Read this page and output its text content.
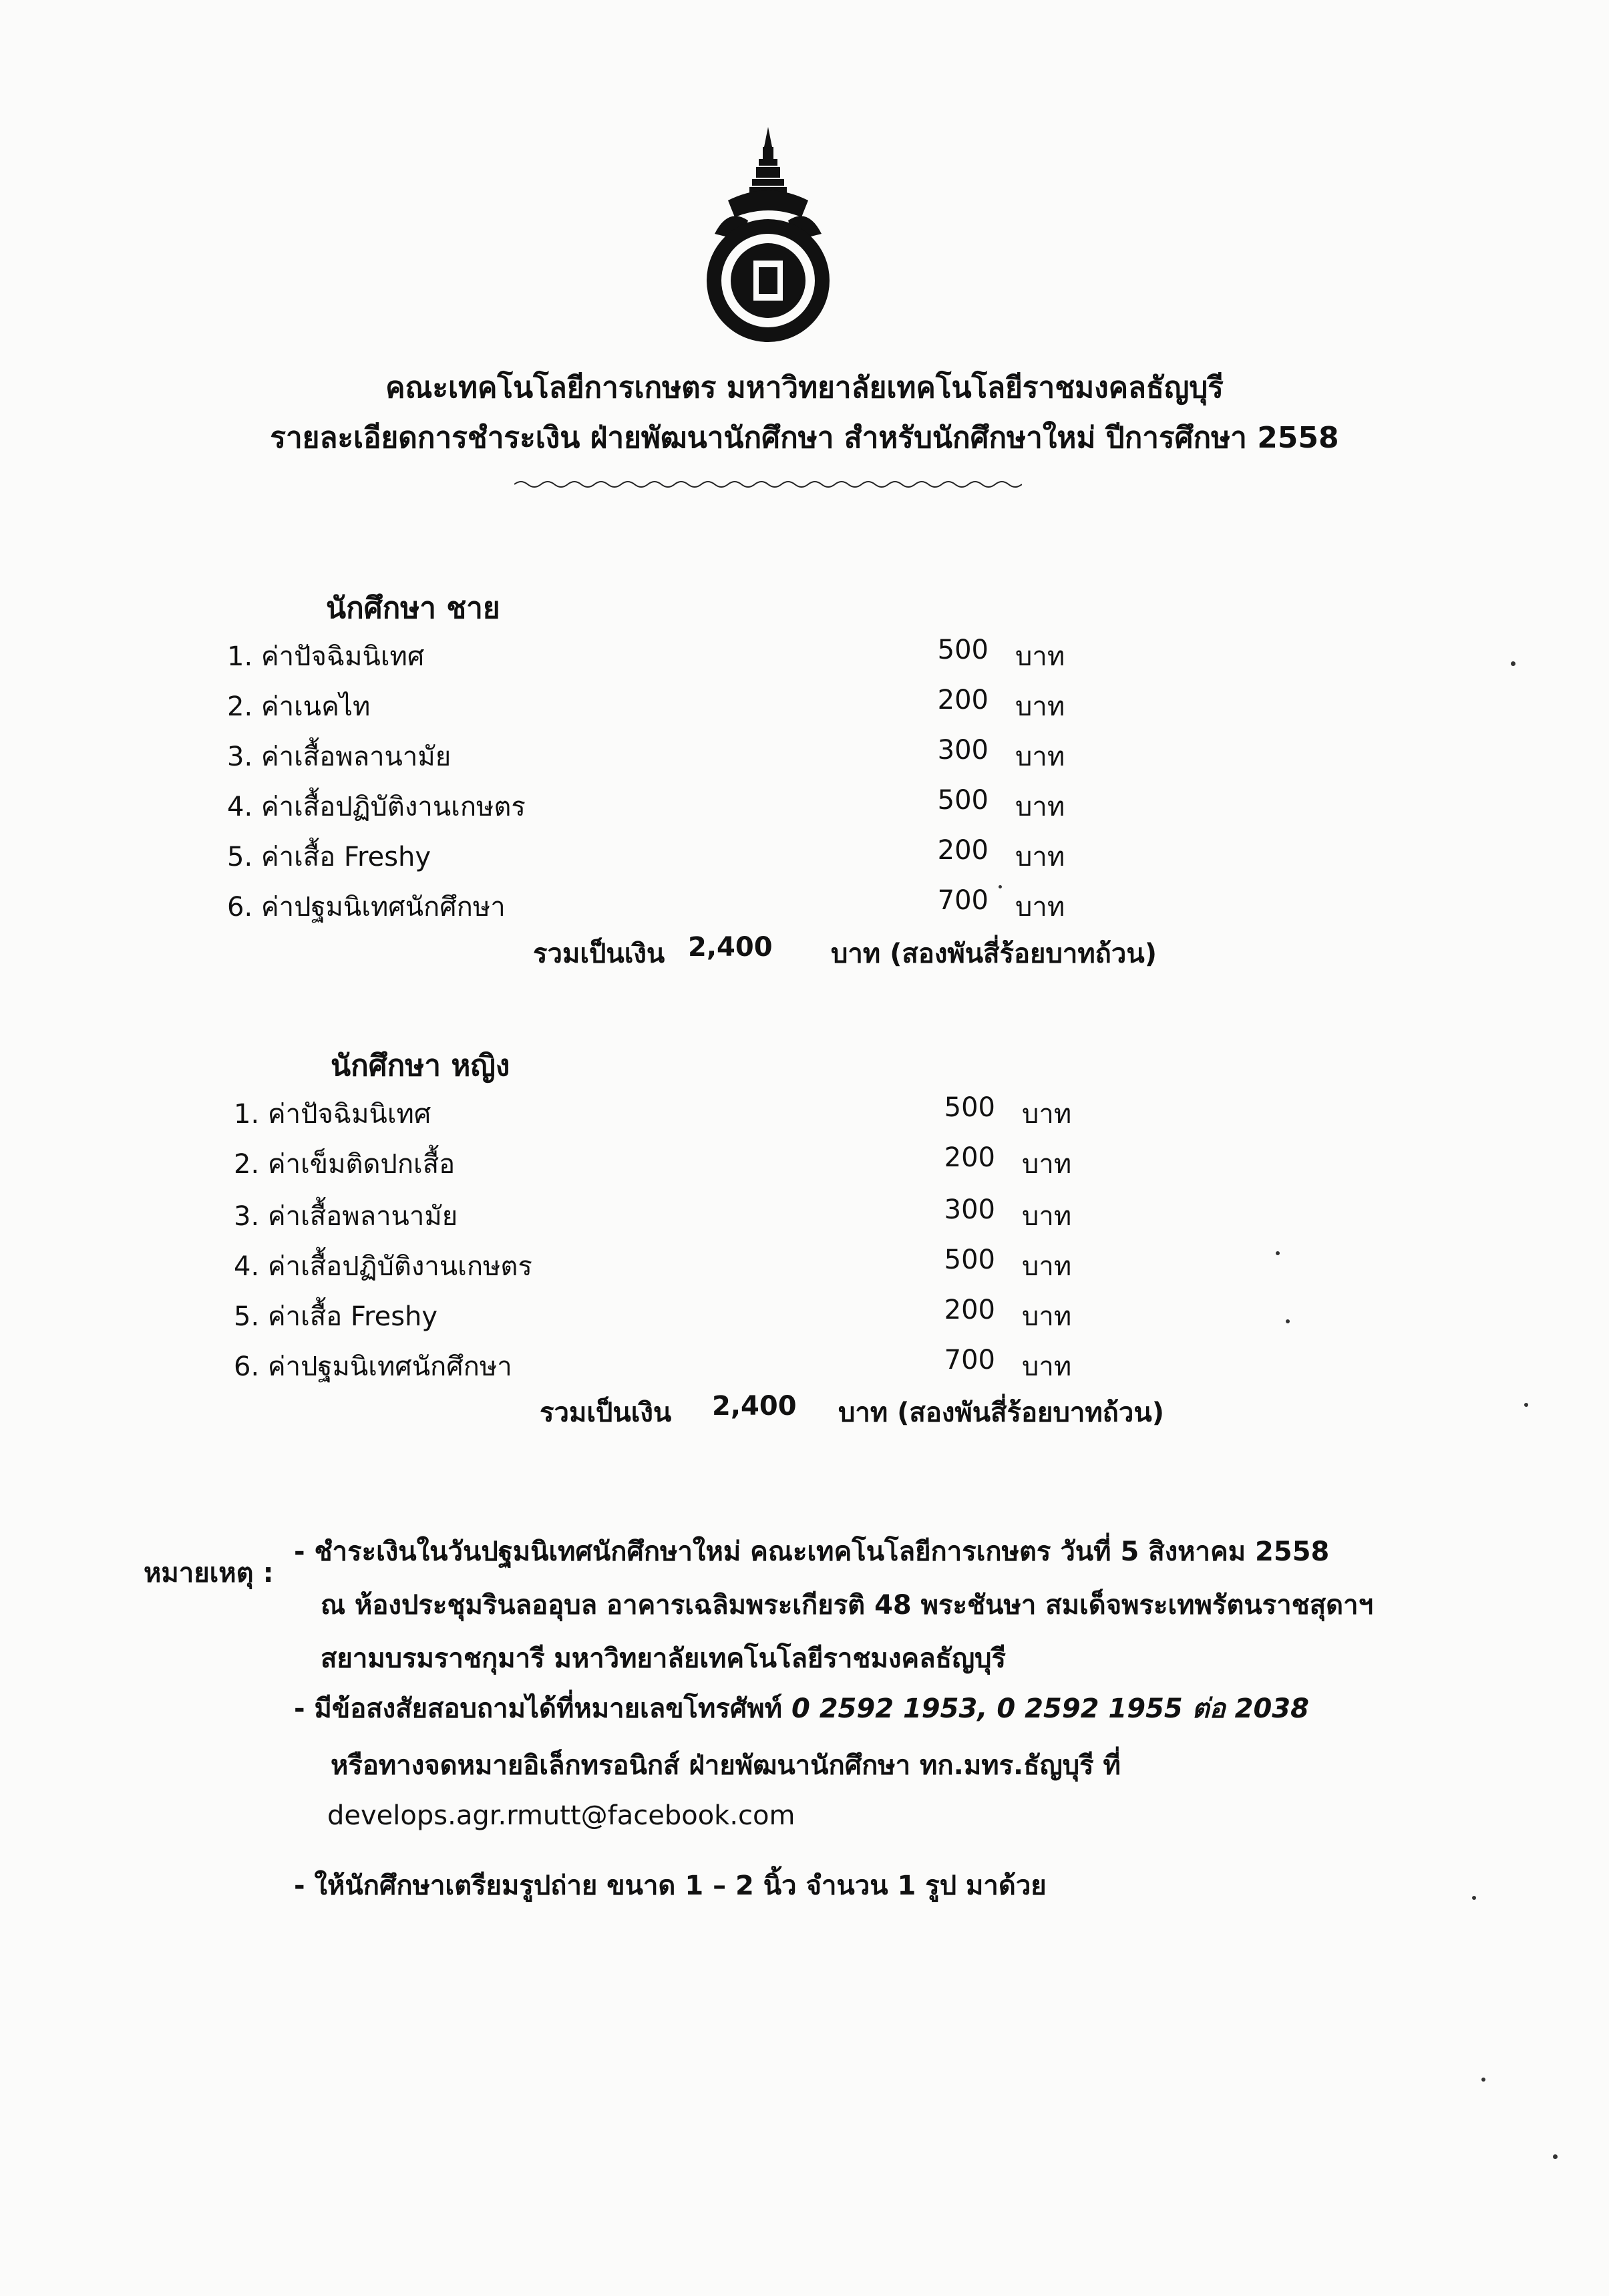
คณะเทคโนโลยีการเกษตร มหาวิทยาลัยเทคโนโลยีราชมงคลธัญบุรี
รายละเอียดการชำระเงิน ฝ่ายพัฒนานักศึกษา สำหรับนักศึกษาใหม่ ปีการศึกษา 2558
นักศึกษา ชาย
1. ค่าปัจฉิมนิเทศ	500 บาท
2. ค่าเนคไท	200 บาท
3. ค่าเสื้อพลานามัย	300 บาท
4. ค่าเสื้อปฏิบัติงานเกษตร	500 บาท
5. ค่าเสื้อ Freshy	200 บาท
6. ค่าปฐมนิเทศนักศึกษา	700 บาท
รวมเป็นเงิน 2,400	บาท (สองพันสี่ร้อยบาทถ้วน)
นักศึกษา หญิง
1. ค่าปัจฉิมนิเทศ	500 บาท
2. ค่าเข็มติดปกเสื้อ	200 บาท
3. ค่าเสื้อพลานามัย	300 บาท
4. ค่าเสื้อปฏิบัติงานเกษตร	500 บาท
5. ค่าเสื้อ Freshy	200 บาท
6. ค่าปฐมนิเทศนักศึกษา	700 บาท
รวมเป็นเงิน 2,400	บาท (สองพันสี่ร้อยบาทถ้วน)
หมายเหตุ :
- ชำระเงินในวันปฐมนิเทศนักศึกษาใหม่ คณะเทคโนโลยีการเกษตร วันที่ 5 สิงหาคม 2558
ณ ห้องประชุมรินลออุบล อาคารเฉลิมพระเกียรติ 48 พระชันษา สมเด็จพระเทพรัตนราชสุดาฯ
สยามบรมราชกุมารี มหาวิทยาลัยเทคโนโลยีราชมงคลธัญบุรี
- มีข้อสงสัยสอบถามได้ที่หมายเลขโทรศัพท์ 0 2592 1953, 0 2592 1955 ต่อ 2038
หรือทางจดหมายอิเล็กทรอนิกส์ ฝ่ายพัฒนานักศึกษา ทก.มทร.ธัญบุรี ที่
develops.agr.rmutt@facebook.com
- ให้นักศึกษาเตรียมรูปถ่าย ขนาด 1 – 2 นิ้ว จำนวน 1 รูป มาด้วย
